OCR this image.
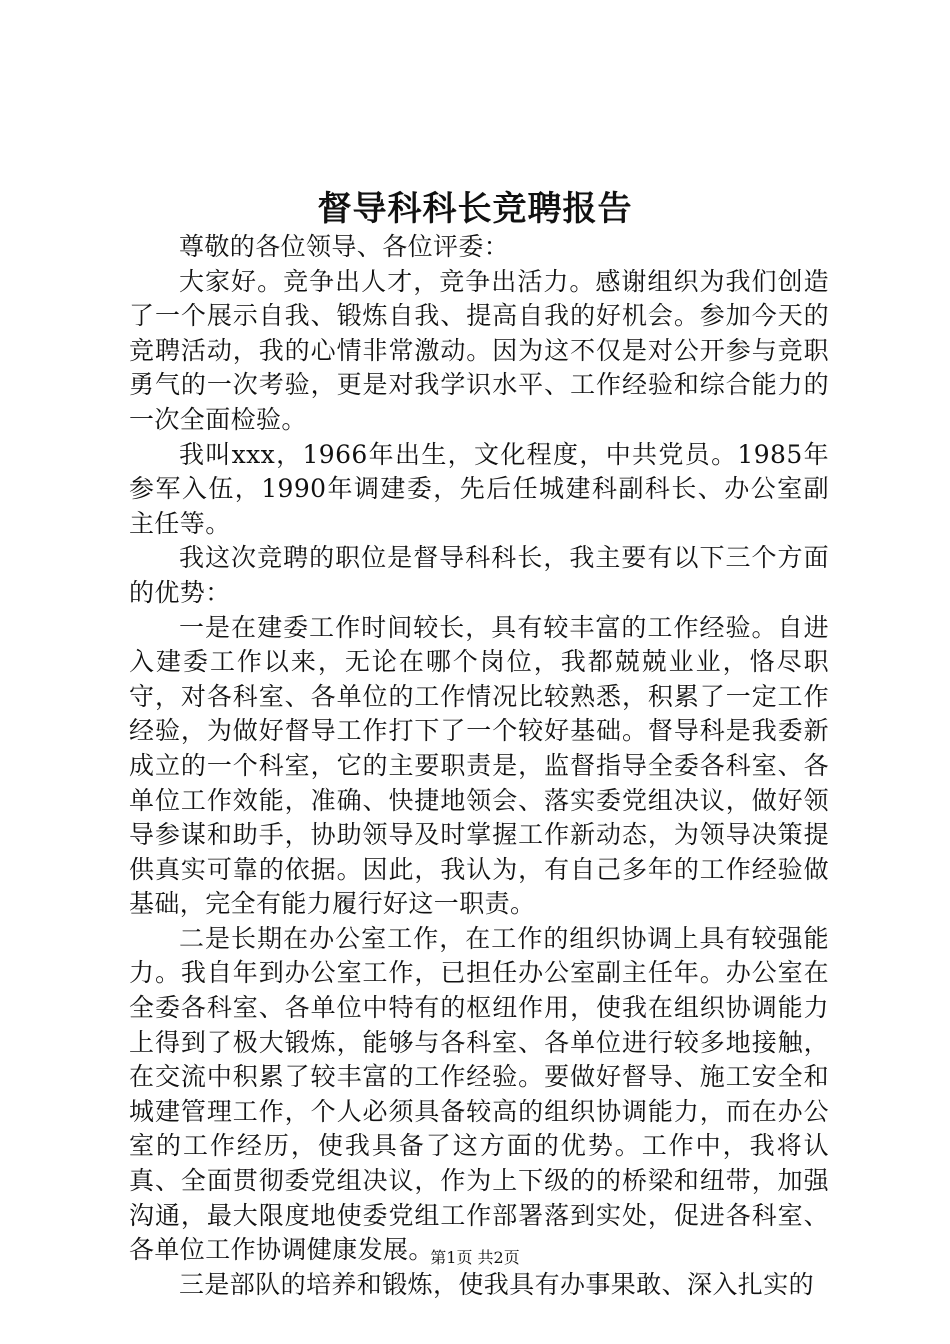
督导科科长竞聘报告

尊敬的各位领导、各位评委：

大家好。竞争出人才，竞争出活力。感谢组织为我们创造了一个展示自我、锻炼自我、提高自我的好机会。参加今天的竞聘活动，我的心情非常激动。因为这不仅是对公开参与竞职勇气的一次考验，更是对我学识水平、工作经验和综合能力的一次全面检验。

我叫xxx，1966年出生，文化程度，中共党员。1985年参军入伍，1990年调建委，先后任城建科副科长、办公室副主任等。

我这次竞聘的职位是督导科科长，我主要有以下三个方面的优势：

一是在建委工作时间较长，具有较丰富的工作经验。自进入建委工作以来，无论在哪个岗位，我都兢兢业业，恪尽职守，对各科室、各单位的工作情况比较熟悉，积累了一定工作经验，为做好督导工作打下了一个较好基础。督导科是我委新成立的一个科室，它的主要职责是，监督指导全委各科室、各单位工作效能，准确、快捷地领会、落实委党组决议，做好领导参谋和助手，协助领导及时掌握工作新动态，为领导决策提供真实可靠的依据。因此，我认为，有自己多年的工作经验做基础，完全有能力履行好这一职责。

二是长期在办公室工作，在工作的组织协调上具有较强能力。我自年到办公室工作，已担任办公室副主任年。办公室在全委各科室、各单位中特有的枢纽作用，使我在组织协调能力上得到了极大锻炼，能够与各科室、各单位进行较多地接触，在交流中积累了较丰富的工作经验。要做好督导、施工安全和城建管理工作，个人必须具备较高的组织协调能力，而在办公室的工作经历，使我具备了这方面的优势。工作中，我将认真、全面贯彻委党组决议，作为上下级的的桥梁和纽带，加强沟通，最大限度地使委党组工作部署落到实处，促进各科室、各单位工作协调健康发展。

三是部队的培养和锻炼，使我具有办事果敢、深入扎实的

第1页 共2页
